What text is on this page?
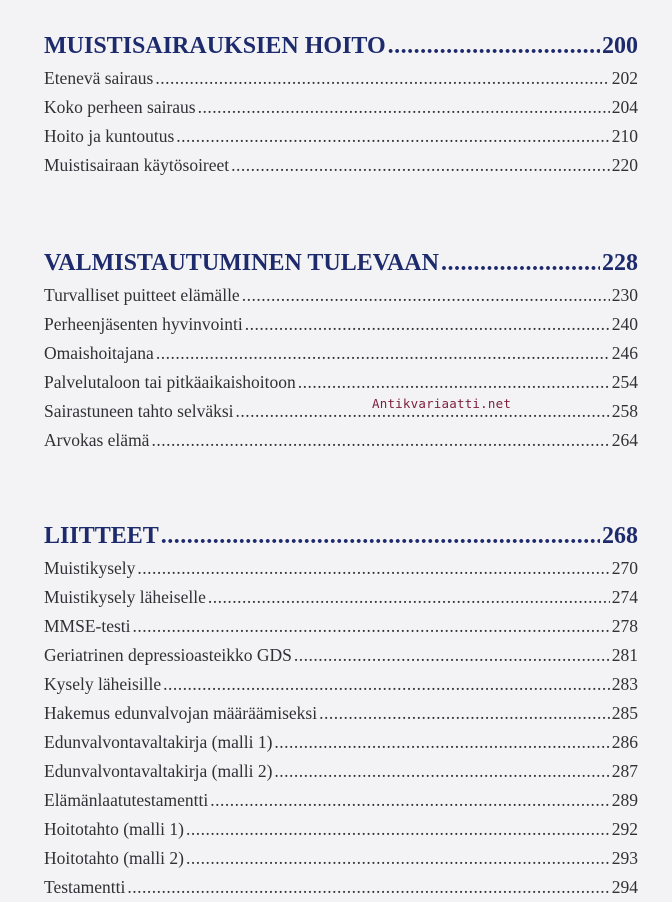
MUISTISAIRAUKSIEN HOITO .....	200
Etenevä sairaus .....	202
Koko perheen sairaus .....	204
Hoito ja kuntoutus .....	210
Muistisairaan käytösoireet .....	220
VALMISTAUTUMINEN TULEVAAN .....	228
Turvalliset puitteet elämälle .....	230
Perheenjäsenten hyvinvointi .....	240
Omaishoitajana .....	246
Palvelutaloon tai pitkäaikaishoitoon .....	254
Sairastuneen tahto selväksi .....	258
Arvokas elämä .....	264
LIITTEET .....	268
Muistikysely .....	270
Muistikysely läheiselle .....	274
MMSE-testi .....	278
Geriatrinen depressioasteikko GDS .....	281
Kysely läheisille .....	283
Hakemus edunvalvojan määräämiseksi .....	285
Edunvalvontavaltakirja (malli 1) .....	286
Edunvalvontavaltakirja (malli 2) .....	287
Elämänlaatutestamentti .....	289
Hoitotahto (malli 1) .....	292
Hoitotahto (malli 2) .....	293
Testamentti .....	294
Antikvariaatti.net
